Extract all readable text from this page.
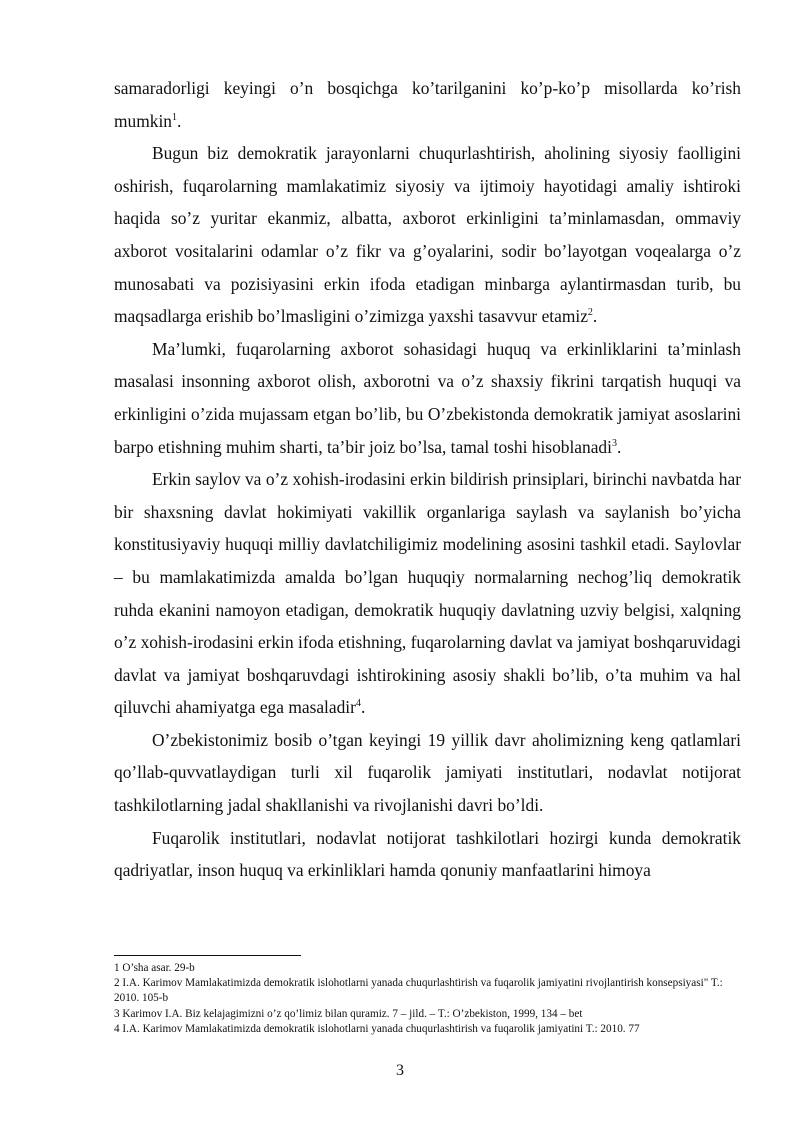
samaradorligi keyingi o’n bosqichga ko’tarilganini ko’p-ko’p misollarda ko’rish mumkin$^1$.

Bugun biz demokratik jarayonlarni chuqurlashtirish, aholining siyosiy faolligini oshirish, fuqarolarning mamlakatimiz siyosiy va ijtimoiy hayotidagi amaliy ishtiroki haqida so’z yuritar ekanmiz, albatta, axborot erkinligini ta’minlamasdan, ommaviy axborot vositalarini odamlar o’z fikr va g’oyalarini, sodir bo’layotgan voqealarga o’z munosabati va pozisiyasini erkin ifoda etadigan minbarga aylantirmasdan turib, bu maqsadlarga erishib bo’lmasligini o’zimizga yaxshi tasavvur etamiz$^2$.

Ma’lumki, fuqarolarning axborot sohasidagi huquq va erkinliklarini ta’minlash masalasi insonning axborot olish, axborotni va o’z shaxsiy fikrini tarqatish huquqi va erkinligini o’zida mujassam etgan bo’lib, bu O’zbekistonda demokratik jamiyat asoslarini barpo etishning muhim sharti, ta’bir joiz bo’lsa, tamal toshi hisoblanadi$^3$.

Erkin saylov va o’z xohish-irodasini erkin bildirish prinsiplari, birinchi navbatda har bir shaxsning davlat hokimiyati vakillik organlariga saylash va saylanish bo’yicha konstitusiyaviy huquqi milliy davlatchiligimiz modelining asosini tashkil etadi. Saylovlar – bu mamlakatimizda amalda bo’lgan huquqiy normalarning nechog’liq demokratik ruhda ekanini namoyon etadigan, demokratik huquqiy davlatning uzviy belgisi, xalqning o’z xohish-irodasini erkin ifoda etishning, fuqarolarning davlat va jamiyat boshqaruvidagi davlat va jamiyat boshqaruvdagi ishtirokining asosiy shakli bo’lib, o’ta muhim va hal qiluvchi ahamiyatga ega masaladir$^4$.

O’zbekistonimiz bosib o’tgan keyingi 19 yillik davr aholimizning keng qatlamlari qo’llab-quvvatlaydigan turli xil fuqarolik jamiyati institutlari, nodavlat notijorat tashkilotlarning jadal shakllanishi va rivojlanishi davri bo’ldi.

Fuqarolik institutlari, nodavlat notijorat tashkilotlari hozirgi kunda demokratik qadriyatlar, inson huquq va erkinliklari hamda qonuniy manfaatlarini himoya

1 O’sha asar. 29-b

2 I.A. Karimov Mamlakatimizda demokratik islohotlarni yanada chuqurlashtirish va fuqarolik jamiyatini rivojlantirish konsepsiyasi" T.: 2010. 105-b

3 Karimov I.A. Biz kelajagimizni o’z qo’limiz bilan quramiz. 7 – jild. – T.: O’zbekiston, 1999, 134 – bet

4 I.A. Karimov Mamlakatimizda demokratik islohotlarni yanada chuqurlashtirish va fuqarolik jamiyatini T.: 2010. 77

3
